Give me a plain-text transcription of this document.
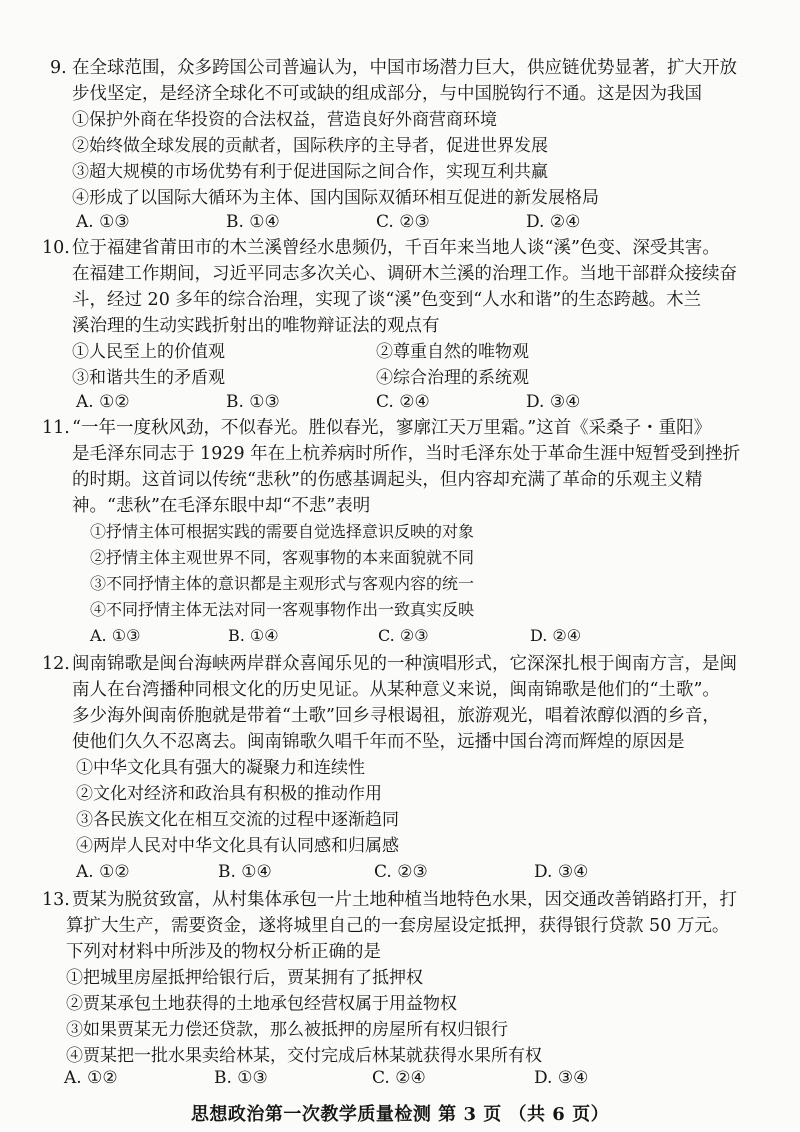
9. 在全球范围，众多跨国公司普遍认为，中国市场潜力巨大，供应链优势显著，扩大开放
步伐坚定，是经济全球化不可或缺的组成部分，与中国脱钩行不通。这是因为我国
①保护外商在华投资的合法权益，营造良好外商营商环境
②始终做全球发展的贡献者，国际秩序的主导者，促进世界发展
③超大规模的市场优势有利于促进国际之间合作，实现互利共赢
④形成了以国际大循环为主体、国内国际双循环相互促进的新发展格局
A. ①③	B. ①④	C. ②③	D. ②④
10. 位于福建省莆田市的木兰溪曾经水患频仍，千百年来当地人谈“溪”色变、深受其害。
在福建工作期间，习近平同志多次关心、调研木兰溪的治理工作。当地干部群众接续奋
斗，经过 20 多年的综合治理，实现了谈“溪”色变到“人水和谐”的生态跨越。木兰
溪治理的生动实践折射出的唯物辩证法的观点有
①人民至上的价值观	②尊重自然的唯物观
③和谐共生的矛盾观	④综合治理的系统观
A. ①②	B. ①③	C. ②④	D. ③④
11. “一年一度秋风劲，不似春光。胜似春光，寥廓江天万里霜。”这首《采桑子・重阳》
是毛泽东同志于 1929 年在上杭养病时所作，当时毛泽东处于革命生涯中短暂受到挫折
的时期。这首词以传统“悲秋”的伤感基调起头，但内容却充满了革命的乐观主义精
神。“悲秋”在毛泽东眼中却“不悲”表明
①抒情主体可根据实践的需要自觉选择意识反映的对象
②抒情主体主观世界不同，客观事物的本来面貌就不同
③不同抒情主体的意识都是主观形式与客观内容的统一
④不同抒情主体无法对同一客观事物作出一致真实反映
A. ①③	B. ①④	C. ②③	D. ②④
12. 闽南锦歌是闽台海峡两岸群众喜闻乐见的一种演唱形式，它深深扎根于闽南方言，是闽
南人在台湾播种同根文化的历史见证。从某种意义来说，闽南锦歌是他们的“土歌”。
多少海外闽南侨胞就是带着“土歌”回乡寻根谒祖，旅游观光，唱着浓醇似酒的乡音，
使他们久久不忍离去。闽南锦歌久唱千年而不坠，远播中国台湾而辉煌的原因是
①中华文化具有强大的凝聚力和连续性
②文化对经济和政治具有积极的推动作用
③各民族文化在相互交流的过程中逐渐趋同
④两岸人民对中华文化具有认同感和归属感
A. ①②	B. ①④	C. ②③	D. ③④
13. 贾某为脱贫致富，从村集体承包一片土地种植当地特色水果，因交通改善销路打开，打
算扩大生产，需要资金，遂将城里自己的一套房屋设定抵押，获得银行贷款 50 万元。
下列对材料中所涉及的物权分析正确的是
①把城里房屋抵押给银行后，贾某拥有了抵押权
②贾某承包土地获得的土地承包经营权属于用益物权
③如果贾某无力偿还贷款，那么被抵押的房屋所有权归银行
④贾某把一批水果卖给林某，交付完成后林某就获得水果所有权
A. ①②	B. ①③	C. ②④	D. ③④
思想政治第一次教学质量检测 第 3 页 （共 6 页）
